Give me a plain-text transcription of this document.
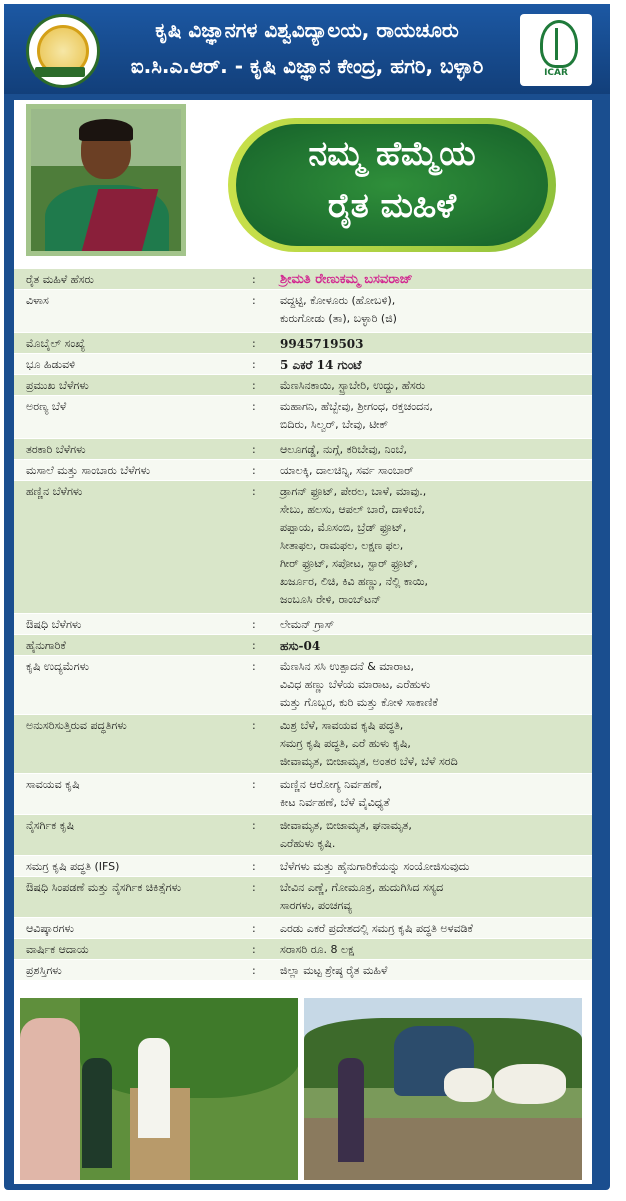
ಕೃಷಿ ವಿಜ್ಞಾನಗಳ ವಿಶ್ವವಿದ್ಯಾಲಯ, ರಾಯಚೂರು
ಐ.ಸಿ.ಎ.ಆರ್. - ಕೃಷಿ ವಿಜ್ಞಾನ ಕೇಂದ್ರ, ಹಗರಿ, ಬಳ್ಳಾರಿ	ICAR
ನಮ್ಮ ಹೆಮ್ಮೆಯ
ರೈತ ಮಹಿಳೆ
ರೈತ ಮಹಿಳೆ ಹೆಸರು	:	ಶ್ರೀಮತಿ ರೇಣುಕಮ್ಮ ಬಸವರಾಜ್
ವಿಳಾಸ	:	ವದ್ದಟ್ಟಿ, ಕೋಳೂರು (ಹೋಬಳಿ),
ಕುರುಗೋಡು (ತಾ), ಬಳ್ಳಾರಿ (ಜಿ)
ಮೊಬೈಲ್ ಸಂಖ್ಯೆ	:	9945719503
ಭೂ ಹಿಡುವಳಿ	:	5 ಎಕರೆ 14 ಗುಂಟೆ
ಪ್ರಮುಖ ಬೆಳೆಗಳು	:	ಮೆಣಸಿನಕಾಯಿ, ಸ್ಟ್ರಾಬೇರಿ, ಉದ್ದು, ಹೆಸರು
ಅರಣ್ಯ ಬೆಳೆ	:	ಮಹಾಗನಿ, ಹೆಬ್ಬೇವು, ಶ್ರೀಗಂಧ, ರಕ್ತಚಂದನ,
ಬಿದಿರು, ಸಿಲ್ವರ್, ಬೇವು, ಟೀಕ್
ತರಕಾರಿ ಬೆಳೆಗಳು	:	ಆಲೂಗಡ್ಡೆ, ನುಗ್ಗೆ, ಕರಿಬೇವು, ನಿಂಬೆ,
ಮಸಾಲೆ ಮತ್ತು ಸಾಂಬಾರು ಬೆಳೆಗಳು	:	ಯಾಲಕ್ಕಿ, ದಾಲಚಿನ್ನಿ, ಸರ್ವ ಸಾಂಬಾರ್
ಹಣ್ಣಿನ ಬೆಳೆಗಳು	:	ಡ್ರಾಗನ್ ಫ್ರೂಟ್, ಪೇರಲ, ಬಾಳೆ, ಮಾವು.,
ಸೇಬು, ಹಲಸು, ಆಪಲ್ ಬಾರೆ, ದಾಳಿಂಬೆ,
ಪಪ್ಪಾಯ, ಮೊಸಂಬಿ, ಬ್ರೆಡ್ ಫ್ರೂಟ್,
ಸೀತಾಫಲ, ರಾಮಫಲ, ಲಕ್ಷಣ ಫಲ,
ಗೀರ್ ಫ್ರೂಟ್, ಸಪೋಟ, ಸ್ಟಾರ್ ಫ್ರೂಟ್,
ಖರ್ಜೂರ, ಲಿಚಿ, ಕಿವಿ ಹಣ್ಣು, ನೆಲ್ಲಿ ಕಾಯಿ,
ಜಂಬೂಸಿ ರೇಳಿ, ರಾಂಬ್‌ಟನ್
ಔಷಧಿ ಬೆಳೆಗಳು	:	ಲೇಮನ್ ಗ್ರಾಸ್
ಹೈನುಗಾರಿಕೆ	:	ಹಸು-04
ಕೃಷಿ ಉದ್ಯಮೆಗಳು	:	ಮೆಣಸಿನ ಸಸಿ ಉತ್ಪಾದನೆ & ಮಾರಾಟ,
ವಿವಿಧ ಹಣ್ಣು ಬೆಳೆಯ ಮಾರಾಟ, ಎರೆಹುಳು
ಮತ್ತು ಗೊಬ್ಬರ, ಕುರಿ ಮತ್ತು ಕೋಳಿ ಸಾಕಾಣಿಕೆ
ಅನುಸರಿಸುತ್ತಿರುವ ಪದ್ಧತಿಗಳು	:	ಮಿಶ್ರ ಬೆಳೆ, ಸಾವಯವ ಕೃಷಿ ಪದ್ಧತಿ,
ಸಮಗ್ರ ಕೃಷಿ ಪದ್ಧತಿ, ಎರೆ ಹುಳು ಕೃಷಿ,
ಜೀವಾಮೃತ, ಬೀಜಾಮೃತ, ಅಂತರ ಬೆಳೆ, ಬೆಳೆ ಸರದಿ
ಸಾವಯವ ಕೃಷಿ	:	ಮಣ್ಣಿನ ಆರೋಗ್ಯ ನಿರ್ವಹಣೆ,
ಕೀಟ ನಿರ್ವಹಣೆ, ಬೆಳೆ ವೈವಿಧ್ಯತೆ
ನೈಸರ್ಗಿಕ ಕೃಷಿ	:	ಜೀವಾಮೃತ, ಬೀಜಾಮೃತ, ಘನಾಮೃತ,
ಎರೆಹುಳು ಕೃಷಿ.
ಸಮಗ್ರ ಕೃಷಿ ಪದ್ಧತಿ (IFS)	:	ಬೆಳೆಗಳು ಮತ್ತು ಹೈನುಗಾರಿಕೆಯನ್ನು ಸಂಯೋಜಿಸುವುದು
ಔಷಧಿ ಸಿಂಪಡಣೆ ಮತ್ತು ನೈಸರ್ಗಿಕ ಚಿಕಿತ್ಸೆಗಳು	:	ಬೇವಿನ ಎಣ್ಣೆ, ಗೋಮೂತ್ರ, ಹುದುಗಿಸಿದ ಸಸ್ಯದ
ಸಾರಗಳು, ಪಂಚಗವ್ಯ
ಆವಿಷ್ಕಾರಗಳು	:	ಎರಡು ಎಕರೆ ಪ್ರದೇಶದಲ್ಲಿ ಸಮಗ್ರ ಕೃಷಿ ಪದ್ಧತಿ ಅಳವಡಿಕೆ
ವಾರ್ಷಿಕ ಆದಾಯ	:	ಸರಾಸರಿ ರೂ. 8 ಲಕ್ಷ
ಪ್ರಶಸ್ತಿಗಳು	:	ಜಿಲ್ಲಾ ಮಟ್ಟ ಶ್ರೇಷ್ಠ ರೈತ ಮಹಿಳೆ
